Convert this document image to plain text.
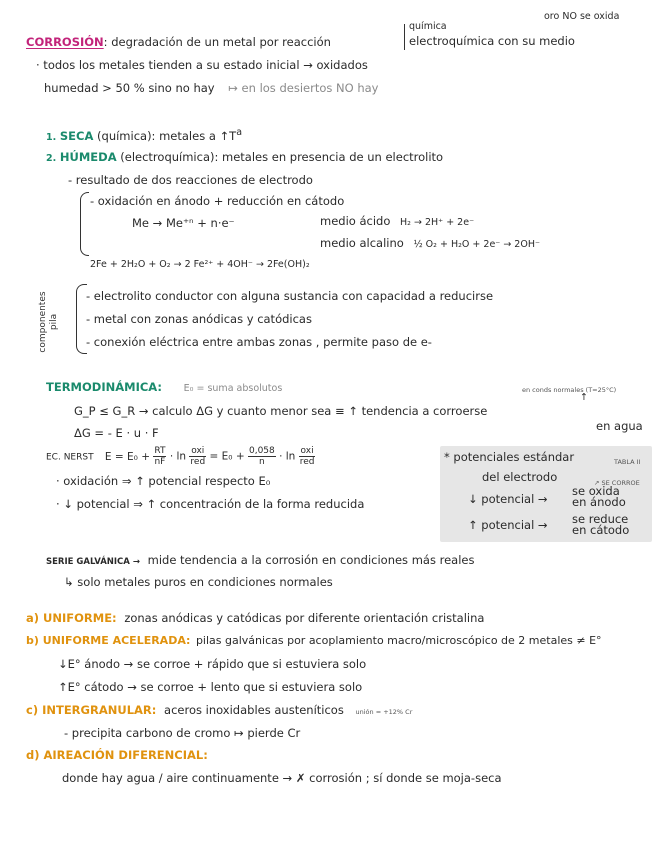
oro NO se oxida
CORROSIÓN: degradación de un metal por reacción
química
electroquímica con su medio
· todos los metales tienden a su estado inicial → oxidados
humedad > 50 % sino no hay ↦ en los desiertos NO hay
1. SECA (química): metales a $↑T^a$
2. HÚMEDA (electroquímica): metales en presencia de un electrolito
- resultado de dos reacciones de electrodo
- oxidación en ánodo + reducción en cátodo
Me → Me⁺ⁿ + n·e⁻	medio ácido H₂ → 2H⁺ + 2e⁻
medio alcalino ½ O₂ + H₂O + 2e⁻ → 2OH⁻
2Fe + 2H₂O + O₂ → 2 Fe²⁺ + 4OH⁻ → 2Fe(OH)₂
componentes
pila
- electrolito conductor con alguna sustancia con capacidad a reducirse
- metal con zonas anódicas y catódicas
- conexión eléctrica entre ambas zonas , permite paso de e-
TERMODINÁMICA: E₀ = suma absolutos	en conds normales (T=25°C)
↑
G_P ≤ G_R → calculo ΔG y cuanto menor sea ≡ ↑ tendencia a corroerse
en agua
ΔG = - E · u · F
EC. NERST $E = E_0 + \frac{RT}{nF} \cdot \ln \frac{\text{oxi}}{\text{red}} = E_0 + \frac{0,058}{n} \cdot \ln \frac{\text{oxi}}{\text{red}}$
· oxidación ⇒ ↑ potencial respecto E₀
· ↓ potencial ⇒ ↑ concentración de la forma reducida
* potenciales estándar	TABLA II
del electrodo	↗ SE CORROE
↓ potencial →
se oxida
en ánodo
↑ potencial → se reduce
en cátodo
SERIE GALVÁNICA → mide tendencia a la corrosión en condiciones más reales
↳ solo metales puros en condiciones normales
a) UNIFORME: zonas anódicas y catódicas por diferente orientación cristalina
b) UNIFORME ACELERADA: pilas galvánicas por acoplamiento macro/microscópico de 2 metales ≠ E°
↓E° ánodo → se corroe + rápido que si estuviera solo
↑E° cátodo → se corroe + lento que si estuviera solo
c) INTERGRANULAR: aceros inoxidables austeníticos unión = +12% Cr
- precipita carbono de cromo ↦ pierde Cr
d) AIREACIÓN DIFERENCIAL:
donde hay agua / aire continuamente → ✗ corrosión ; sí donde se moja-seca
